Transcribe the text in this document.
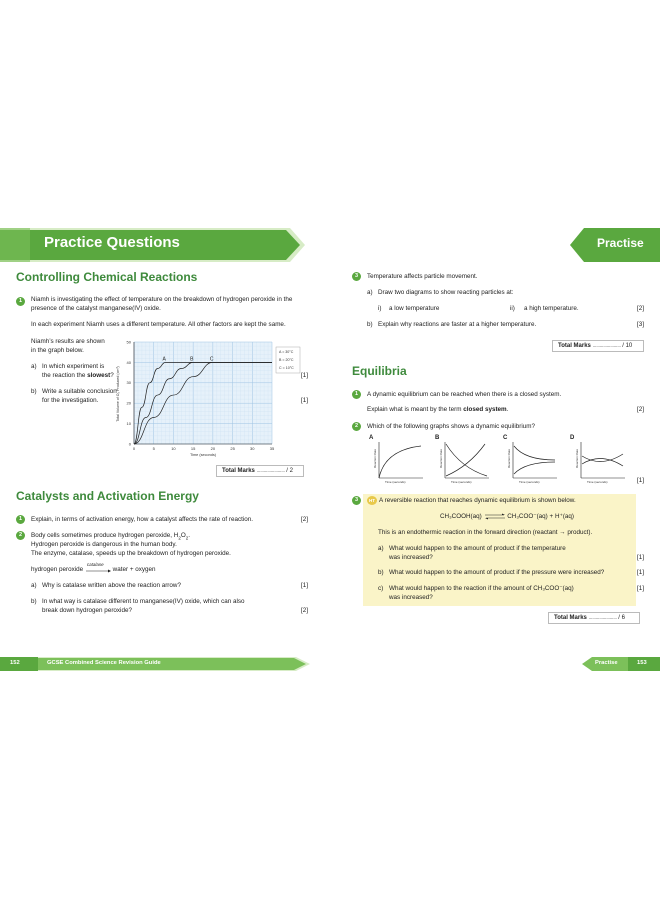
Practice Questions	Practise
Controlling Chemical Reactions
1	Niamh is investigating the effect of temperature on the breakdown of hydrogen peroxide in the
presence of the catalyst manganese(IV) oxide.
In each experiment Niamh uses a different temperature. All other factors are kept the same.
Niamh’s results are shown
in the graph below.
a) In which experiment is
the reaction the slowest?	[1]
b) Write a suitable conclusion
for the investigation.	[1]
0	5	10	15	20	25	30	35
0
10
20
30
40
50
A	B	C
Total Volume of O₂ Produced (cm³)
Time (seconds)
A = 30°C
B = 20°C
C = 10°C
Total Marks ........................ / 2
Catalysts and Activation Energy
1	Explain, in terms of activation energy, how a catalyst affects the rate of reaction.	[2]
2	Body cells sometimes produce hydrogen peroxide, $H_2O_2$.
Hydrogen peroxide is dangerous in the human body.
The enzyme, catalase, speeds up the breakdown of hydrogen peroxide.
hydrogen peroxide
catalase
water + oxygen
a) Why is catalase written above the reaction arrow?	[1]
b) In what way is catalase different to manganese(IV) oxide, which can also
break down hydrogen peroxide?	[2]
152	GCSE Combined Science Revision Guide
3	Temperature affects particle movement.
a) Draw two diagrams to show reacting particles at:
i) a low temperature	ii) a high temperature.	[2]
b) Explain why reactions are faster at a higher temperature.	[3]
Total Marks ........................ / 10
Equilibria
1	A dynamic equilibrium can be reached when there is a closed system.
Explain what is meant by the term closed system.	[2]
2	Which of the following graphs shows a dynamic equilibrium?
A
Reaction Rate
Time (seconds)
B
Reaction Rate
Time (seconds)
C
Reaction Rate
Time (seconds)
D
Reaction Rate
Time (seconds)	[1]
3	HT A reversible reaction that reaches dynamic equilibrium is shown below.
CH₃COOH(aq) ⇌ CH₃COO⁻(aq) + H⁺(aq)
This is an endothermic reaction in the forward direction (reactant → product).
a) What would happen to the amount of product if the temperature
was increased?	[1]
b) What would happen to the amount of product if the pressure were increased?	[1]
c) What would happen to the reaction if the amount of CH₃COO⁻(aq)
was increased?
[1]
Total Marks ........................ / 6
Practise	153
